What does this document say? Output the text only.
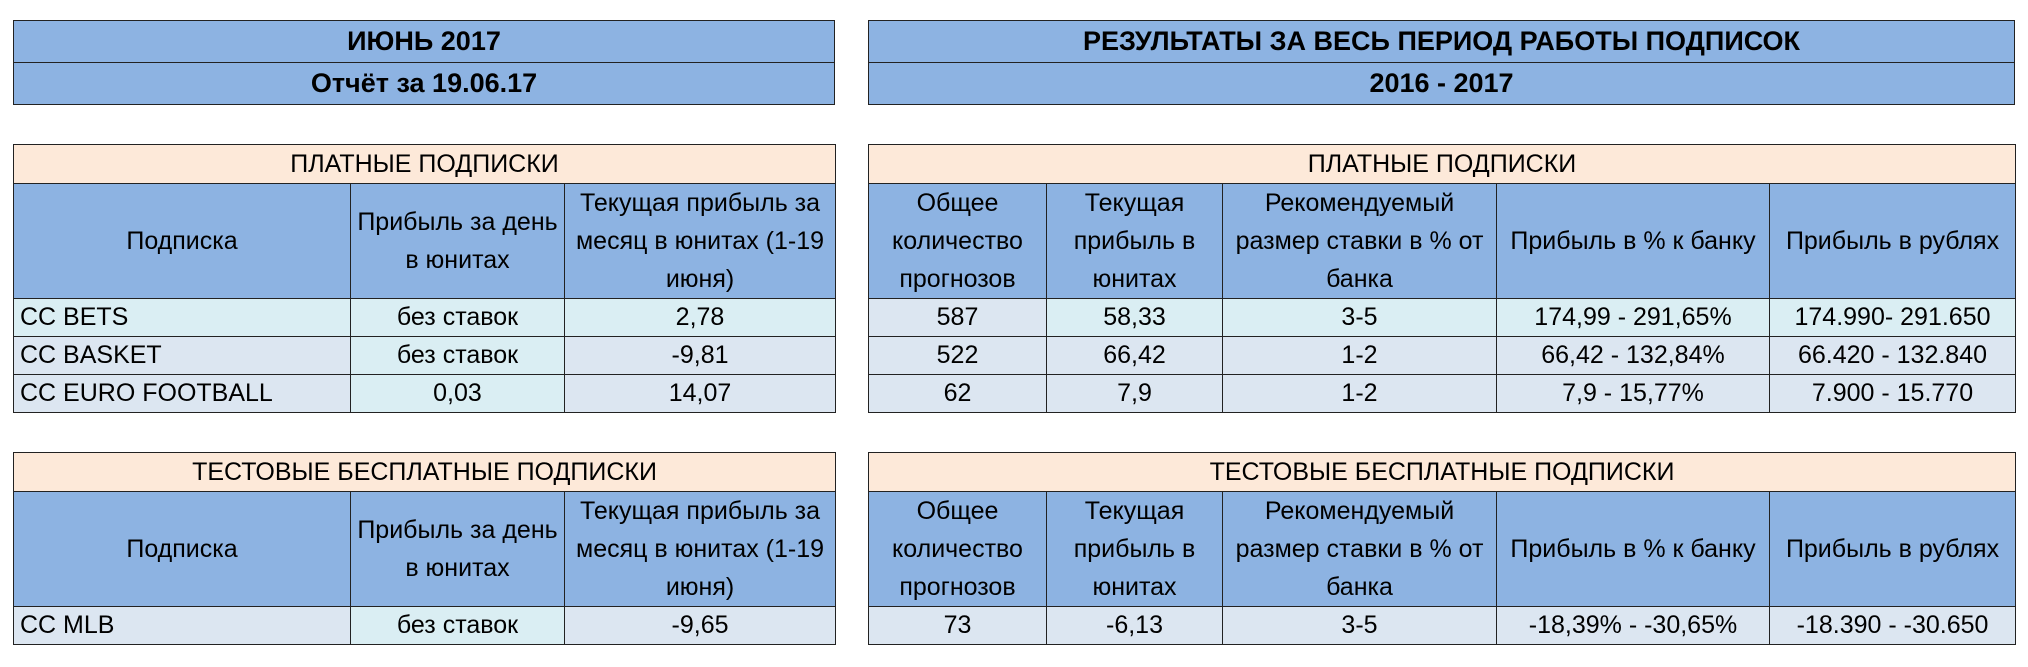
ИЮНЬ 2017
Отчёт за 19.06.17
РЕЗУЛЬТАТЫ ЗА ВЕСЬ ПЕРИОД РАБОТЫ ПОДПИСОК
2016 - 2017
ПЛАТНЫЕ ПОДПИСКИ		
Подписка	Прибыль за день в юнитах	Текущая прибыль за месяц в юнитах (1-19 июня)
CC BETS	без ставок	2,78
CC BASKET	без ставок	-9,81
CC EURO FOOTBALL	0,03	14,07
ПЛАТНЫЕ ПОДПИСКИ				
Общее количество прогнозов	Текущая прибыль в юнитах	Рекомендуемый размер ставки в % от банка	Прибыль в % к банку	Прибыль в рублях
587	58,33	3-5	174,99 - 291,65%	174.990- 291.650
522	66,42	1-2	66,42 - 132,84%	66.420 - 132.840
62	7,9	1-2	7,9 - 15,77%	7.900 - 15.770
ТЕСТОВЫЕ БЕСПЛАТНЫЕ ПОДПИСКИ		
Подписка	Прибыль за день в юнитах	Текущая прибыль за месяц в юнитах (1-19 июня)
CC MLB	без ставок	-9,65
ТЕСТОВЫЕ БЕСПЛАТНЫЕ ПОДПИСКИ				
Общее количество прогнозов	Текущая прибыль в юнитах	Рекомендуемый размер ставки в % от банка	Прибыль в % к банку	Прибыль в рублях
73	-6,13	3-5	-18,39% - -30,65%	-18.390 - -30.650
